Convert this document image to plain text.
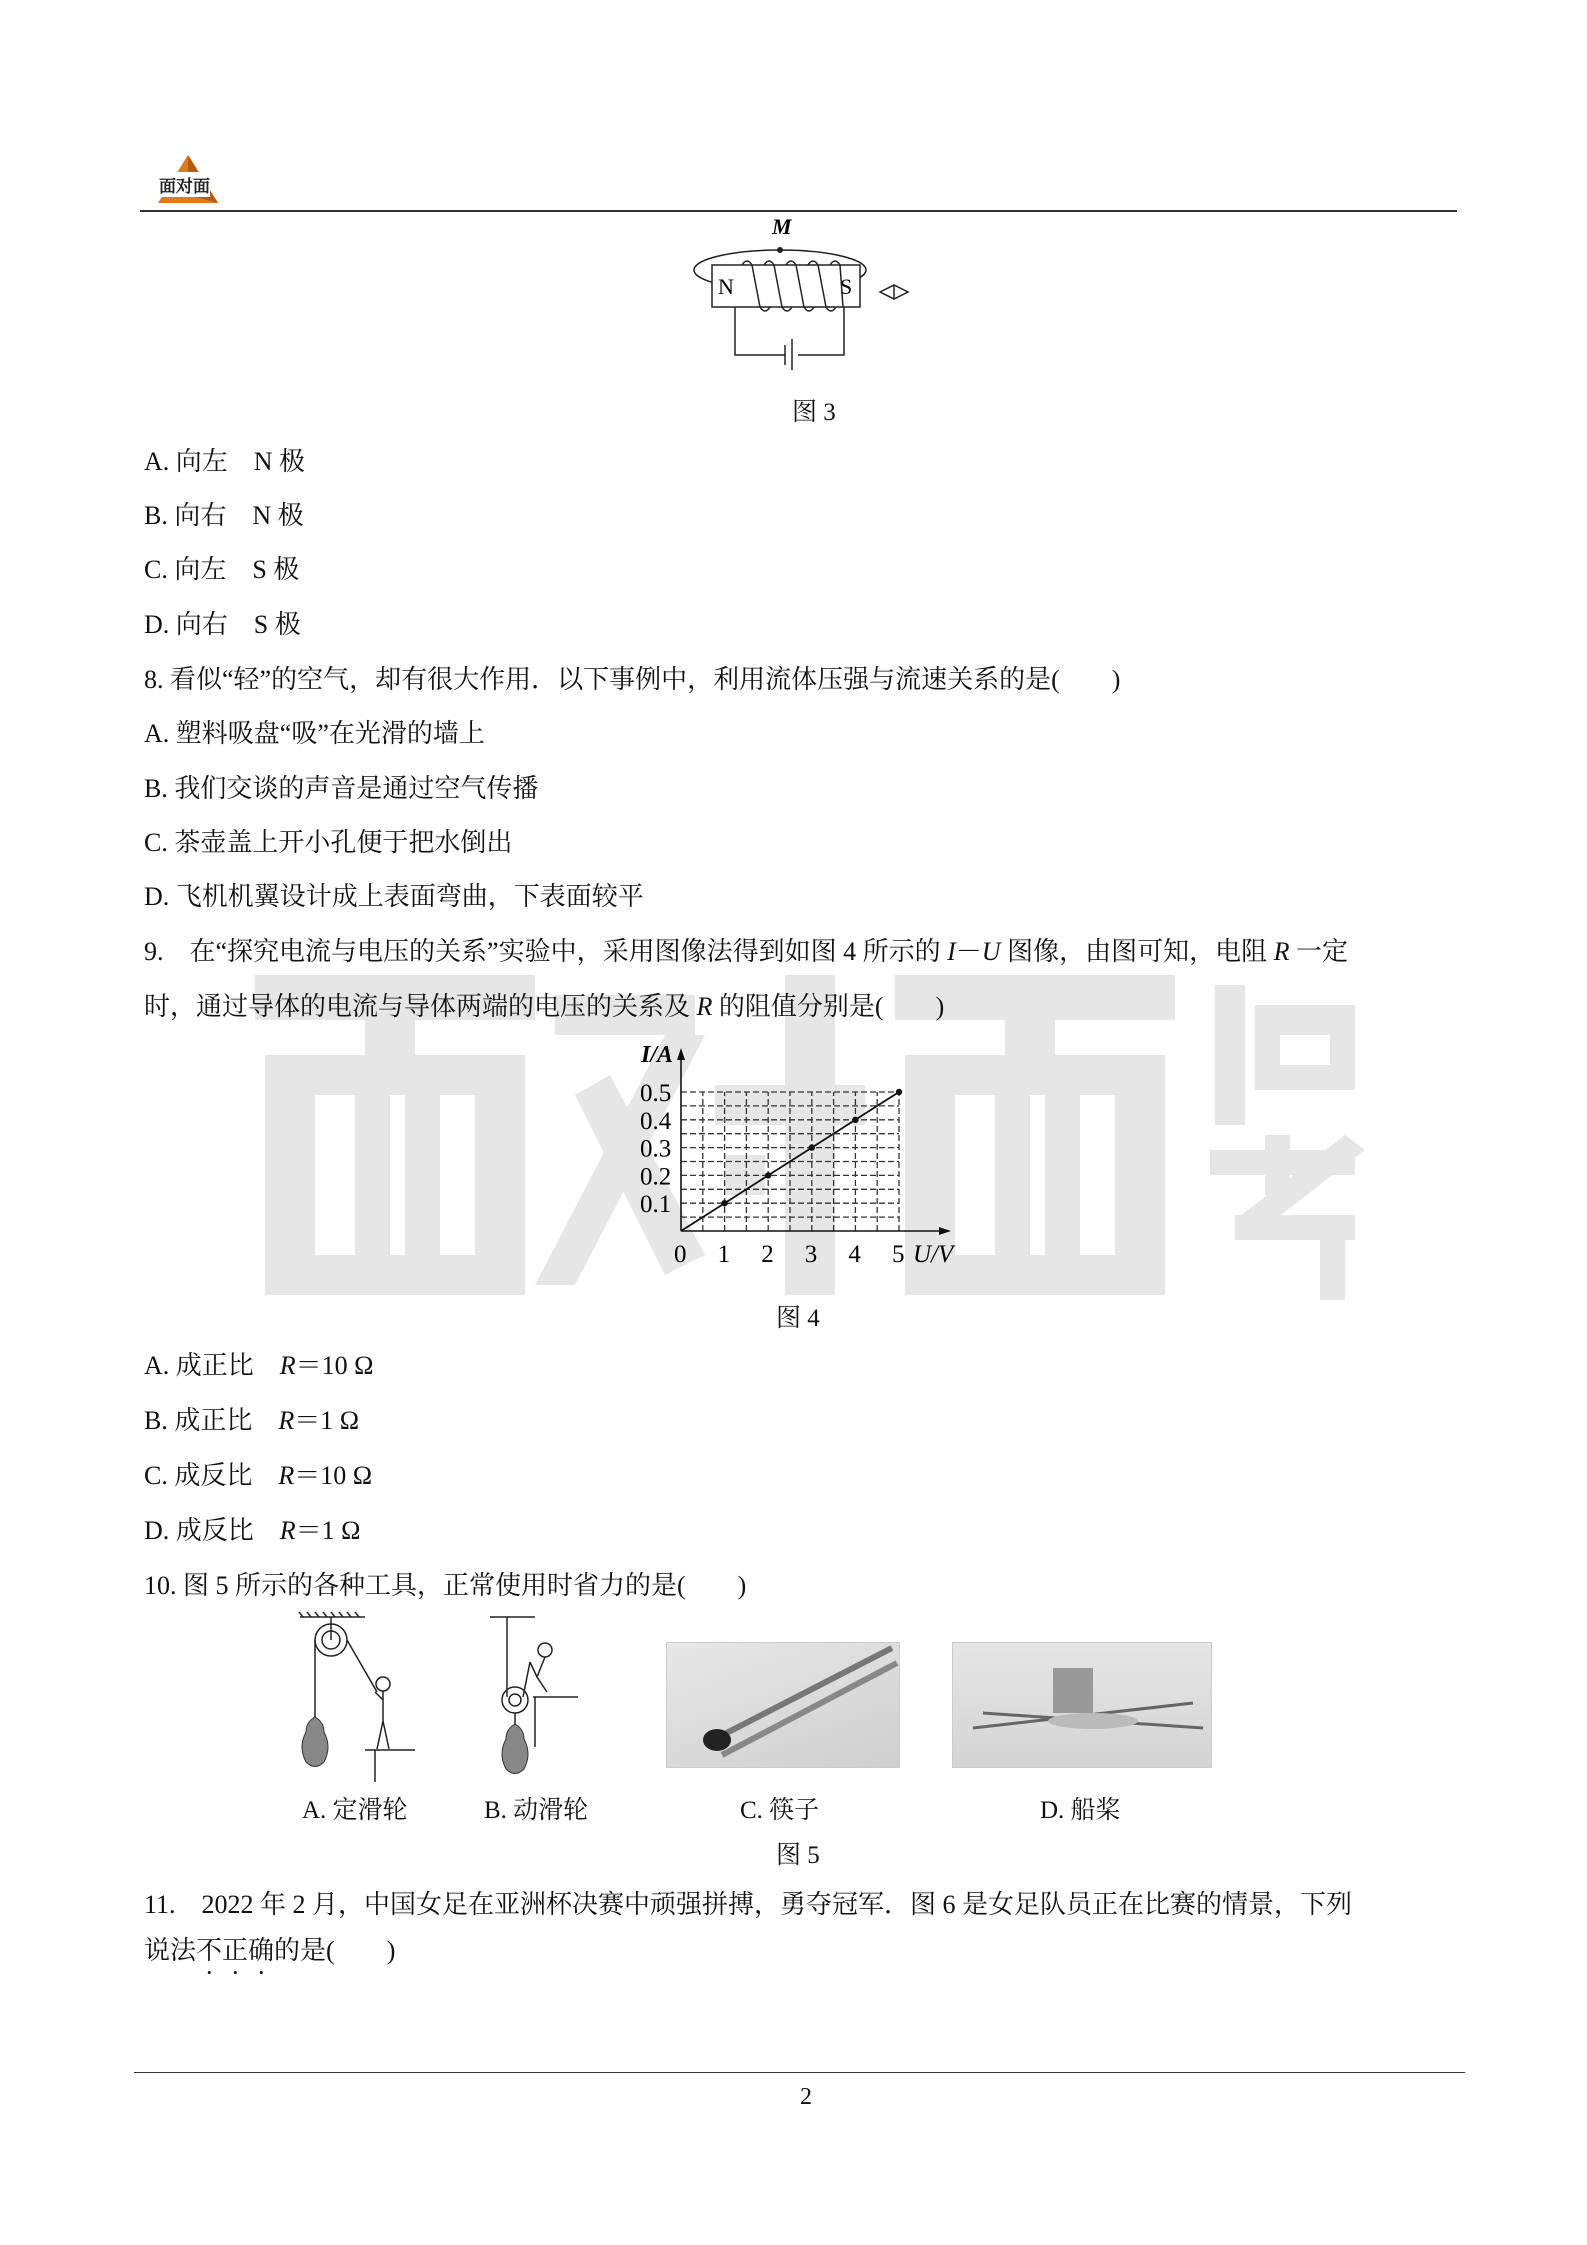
面对面
M
N	S
图 3
A. 向左　N 极
B. 向右　N 极
C. 向左　S 极
D. 向右　S 极
8. 看似“轻”的空气，却有很大作用．以下事例中，利用流体压强与流速关系的是(　　)
A. 塑料吸盘“吸”在光滑的墙上
B. 我们交谈的声音是通过空气传播
C. 茶壶盖上开小孔便于把水倒出
D. 飞机机翼设计成上表面弯曲，下表面较平
9.　在“探究电流与电压的关系”实验中，采用图像法得到如图 4 所示的 I－U 图像，由图可知，电阻 R 一定
时，通过导体的电流与导体两端的电压的关系及 R 的阻值分别是(　　)
0 1 2 3 4 5
0.1
0.2
0.3
0.4
0.5
U/V
I/A
图 4
A. 成正比　R＝10 Ω
B. 成正比　R＝1 Ω
C. 成反比　R＝10 Ω
D. 成反比　R＝1 Ω
10. 图 5 所示的各种工具，正常使用时省力的是(　　)
A. 定滑轮	B. 动滑轮	C. 筷子	D. 船桨
图 5
11.　2022 年 2 月，中国女足在亚洲杯决赛中顽强拼搏，勇夺冠军．图 6 是女足队员正在比赛的情景，下列
说法不正确的是(　　)
2
